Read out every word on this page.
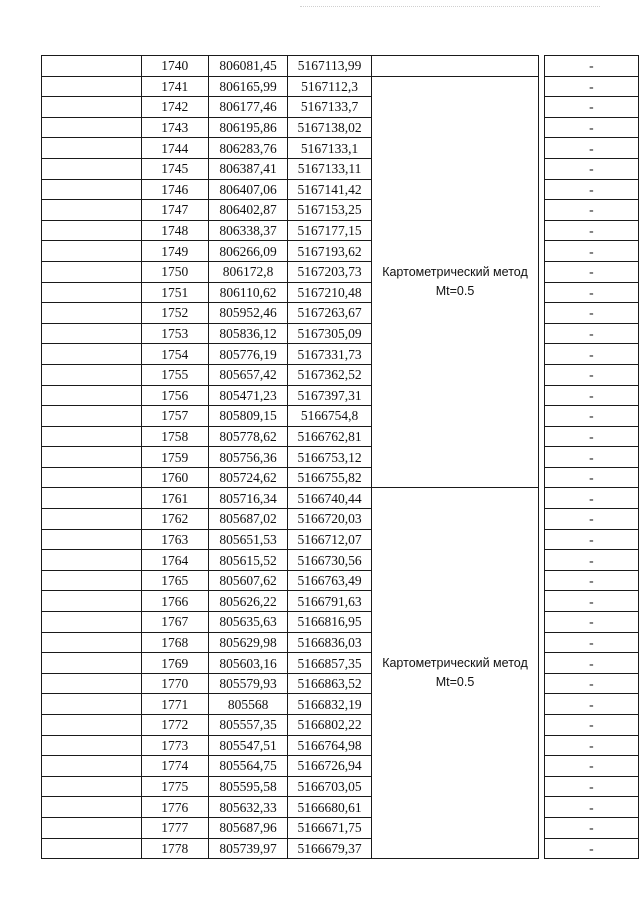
	1740	806081,45	5167113,99			-
	1741	806165,99	5167112,3	Картометрический метод
Mt=0.5		-
	1742	806177,46	5167133,7			-
	1743	806195,86	5167138,02			-
	1744	806283,76	5167133,1			-
	1745	806387,41	5167133,11			-
	1746	806407,06	5167141,42			-
	1747	806402,87	5167153,25			-
	1748	806338,37	5167177,15			-
	1749	806266,09	5167193,62			-
	1750	806172,8	5167203,73			-
	1751	806110,62	5167210,48			-
	1752	805952,46	5167263,67			-
	1753	805836,12	5167305,09			-
	1754	805776,19	5167331,73			-
	1755	805657,42	5167362,52			-
	1756	805471,23	5167397,31			-
	1757	805809,15	5166754,8			-
	1758	805778,62	5166762,81			-
	1759	805756,36	5166753,12			-
	1760	805724,62	5166755,82			-
	1761	805716,34	5166740,44	Картометрический метод
Mt=0.5		-
	1762	805687,02	5166720,03			-
	1763	805651,53	5166712,07			-
	1764	805615,52	5166730,56			-
	1765	805607,62	5166763,49			-
	1766	805626,22	5166791,63			-
	1767	805635,63	5166816,95			-
	1768	805629,98	5166836,03			-
	1769	805603,16	5166857,35			-
	1770	805579,93	5166863,52			-
	1771	805568	5166832,19			-
	1772	805557,35	5166802,22			-
	1773	805547,51	5166764,98			-
	1774	805564,75	5166726,94			-
	1775	805595,58	5166703,05			-
	1776	805632,33	5166680,61			-
	1777	805687,96	5166671,75			-
	1778	805739,97	5166679,37			-
